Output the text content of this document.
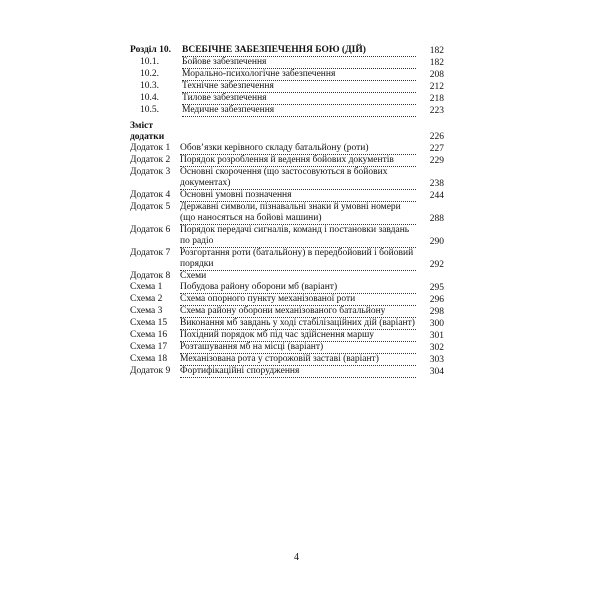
Розділ 10. ВСЕБІЧНЕ ЗАБЕЗПЕЧЕННЯ БОЮ (ДІЙ)	182
10.1. Бойове забезпечення	182
10.2. Морально-психологічне забезпечення	208
10.3. Технічне забезпечення	212
10.4. Тилове забезпечення	218
10.5. Медичне забезпечення	223
Зміст додатки	226
Додаток 1 Обов’язки керівного складу батальйону (роти)	227
Додаток 2 Порядок розроблення й ведення бойових документів	229
Додаток 3 Основні скорочення (що застосовуються в бойових документах)	238
Додаток 4 Основні умовні позначення	244
Додаток 5 Державні символи, пізнавальні знаки й умовні номери (що наносяться на бойові машини)	288
Додаток 6 Порядок передачі сигналів, команд і постановки завдань по радіо	290
Додаток 7 Розгортання роти (батальйону) в передбойовий і бойовий порядки	292
Додаток 8 Схеми
Схема 1 Побудова району оборони мб (варіант)	295
Схема 2 Схема опорного пункту механізованої роти	296
Схема 3 Схема району оборони механізованого батальйону	298
Схема 15 Виконання мб завдань у ході стабілізаційних дій (варіант)	300
Схема 16 Похідний порядок мб під час здійснення маршу	301
Схема 17 Розташування мб на місці (варіант)	302
Схема 18 Механізована рота у сторожовій заставі (варіант)	303
Додаток 9 Фортифікаційні спорудження	304
4
